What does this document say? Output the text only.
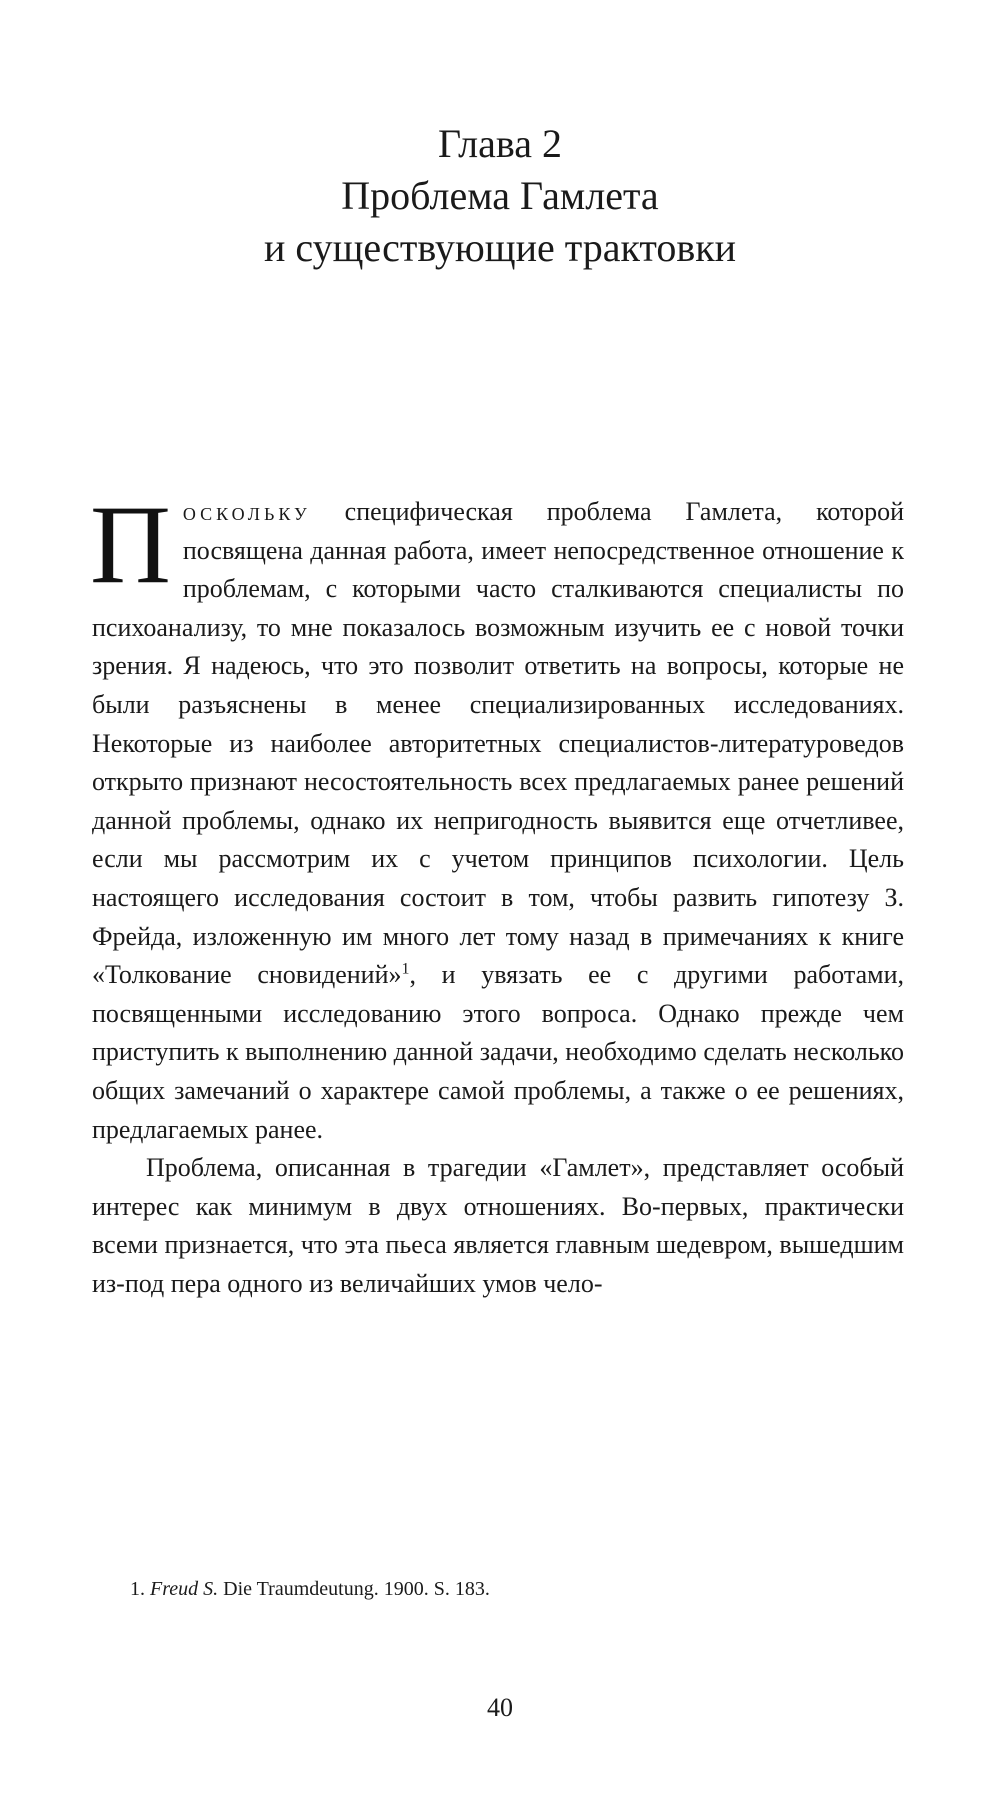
Глава 2
Проблема Гамлета
и существующие трактовки

Поскольку специфическая проблема Гамлета, которой посвящена данная работа, имеет непосредственное отношение к проблемам, с которыми часто сталкиваются специалисты по психоанализу, то мне показалось возможным изучить ее с новой точки зрения. Я надеюсь, что это позволит ответить на вопросы, которые не были разъяснены в менее специализированных исследованиях. Некоторые из наиболее авторитетных специалистов-литературоведов открыто признают несостоятельность всех предлагаемых ранее решений данной проблемы, однако их непригодность выявится еще отчетливее, если мы рассмотрим их с учетом принципов психологии. Цель настоящего исследования состоит в том, чтобы развить гипотезу З. Фрейда, изложенную им много лет тому назад в примечаниях к книге «Толкование сновидений»$^1$, и увязать ее с другими работами, посвященными исследованию этого вопроса. Однако прежде чем приступить к выполнению данной задачи, необходимо сделать несколько общих замечаний о характере самой проблемы, а также о ее решениях, предлагаемых ранее.

Проблема, описанная в трагедии «Гамлет», представляет особый интерес как минимум в двух отношениях. Во-первых, практически всеми признается, что эта пьеса является главным шедевром, вышедшим из-под пера одного из величайших умов чело-

1. Freud S. Die Traumdeutung. 1900. S. 183.

40
